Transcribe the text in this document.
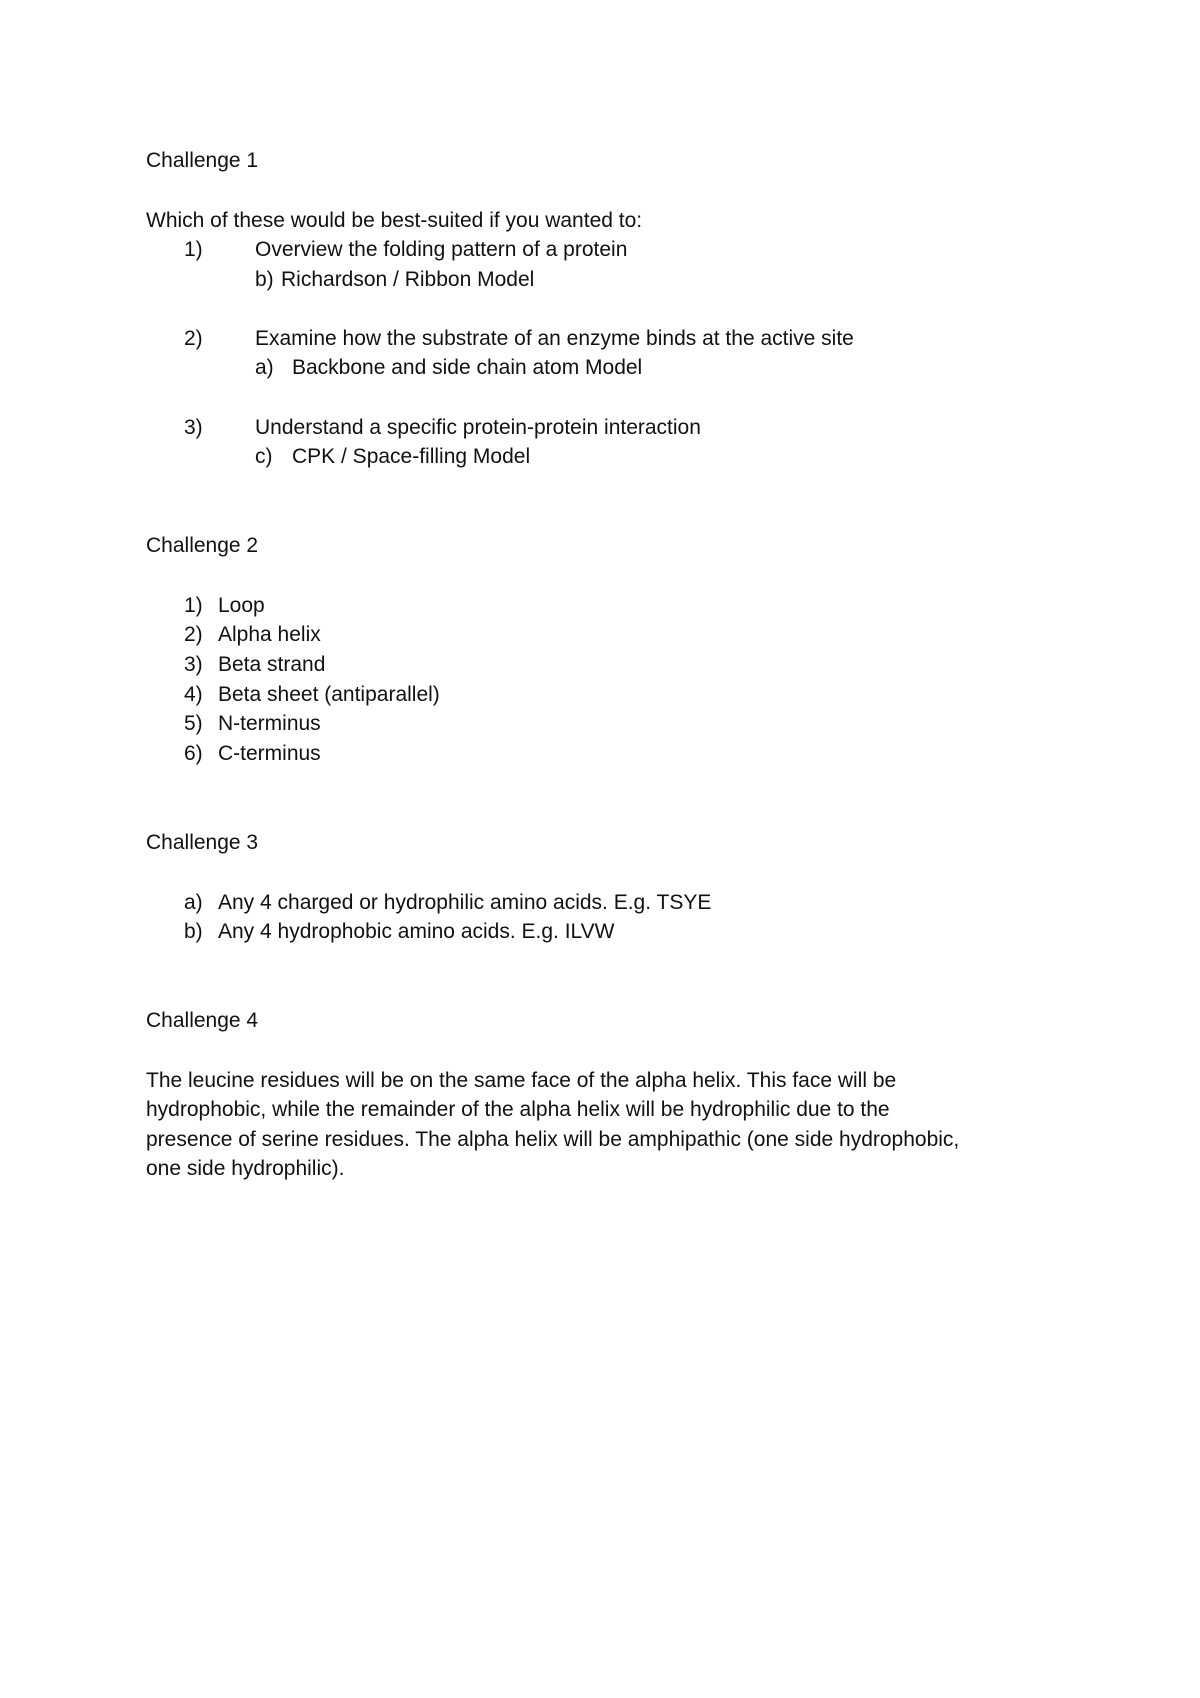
Challenge 1
Which of these would be best-suited if you wanted to:
1) Overview the folding pattern of a protein
b) Richardson / Ribbon Model
2) Examine how the substrate of an enzyme binds at the active site
a) Backbone and side chain atom Model
3) Understand a specific protein-protein interaction
c) CPK / Space-filling Model
Challenge 2
1) Loop
2) Alpha helix
3) Beta strand
4) Beta sheet (antiparallel)
5) N-terminus
6) C-terminus
Challenge 3
a) Any 4 charged or hydrophilic amino acids. E.g. TSYE
b) Any 4 hydrophobic amino acids. E.g. ILVW
Challenge 4
The leucine residues will be on the same face of the alpha helix. This face will be
hydrophobic, while the remainder of the alpha helix will be hydrophilic due to the
presence of serine residues. The alpha helix will be amphipathic (one side hydrophobic,
one side hydrophilic).
